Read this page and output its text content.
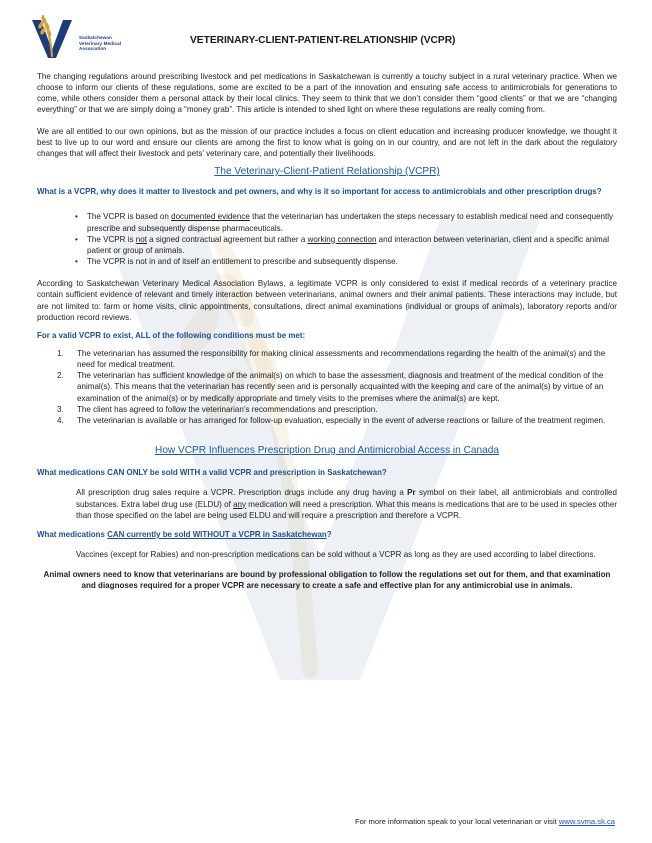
Saskatchewan
Veterinary Medical
Association
VETERINARY-CLIENT-PATIENT-RELATIONSHIP (VCPR)

The changing regulations around prescribing livestock and pet medications in Saskatchewan is currently a touchy subject in a rural veterinary practice. When we choose to inform our clients of these regulations, some are excited to be a part of the innovation and ensuring safe access to antimicrobials for generations to come, while others consider them a personal attack by their local clinics. They seem to think that we don’t consider them “good clients” or that we are “changing everything” or that we are simply doing a “money grab”. This article is intended to shed light on where these regulations are really coming from.

We are all entitled to our own opinions, but as the mission of our practice includes a focus on client education and increasing producer knowledge, we thought it best to live up to our word and ensure our clients are among the first to know what is going on in our country, and are not left in the dark about the regulatory changes that will affect their livestock and pets’ veterinary care, and potentially their livelihoods.

The Veterinary-Client-Patient Relationship (VCPR)

What is a VCPR, why does it matter to livestock and pet owners, and why is it so important for access to antimicrobials and other prescription drugs?

• The VCPR is based on documented evidence that the veterinarian has undertaken the steps necessary to establish medical need and consequently prescribe and subsequently dispense pharmaceuticals.
• The VCPR is not a signed contractual agreement but rather a working connection and interaction between veterinarian, client and a specific animal patient or group of animals.
• The VCPR is not in and of itself an entitlement to prescribe and subsequently dispense.

According to Saskatchewan Veterinary Medical Association Bylaws, a legitimate VCPR is only considered to exist if medical records of a veterinary practice contain sufficient evidence of relevant and timely interaction between veterinarians, animal owners and their animal patients. These interactions may include, but are not limited to: farm or home visits, clinic appointments, consultations, direct animal examinations (individual or groups of animals), laboratory reports and/or production record reviews.

For a valid VCPR to exist, ALL of the following conditions must be met:

1. The veterinarian has assumed the responsibility for making clinical assessments and recommendations regarding the health of the animal(s) and the need for medical treatment.
2. The veterinarian has sufficient knowledge of the animal(s) on which to base the assessment, diagnosis and treatment of the medical condition of the animal(s). This means that the veterinarian has recently seen and is personally acquainted with the keeping and care of the animal(s) by virtue of an examination of the animal(s) or by medically appropriate and timely visits to the premises where the animal(s) are kept.
3. The client has agreed to follow the veterinarian’s recommendations and prescription.
4. The veterinarian is available or has arranged for follow-up evaluation, especially in the event of adverse reactions or failure of the treatment regimen.
How VCPR Influences Prescription Drug and Antimicrobial Access in Canada

What medications CAN ONLY be sold WITH a valid VCPR and prescription in Saskatchewan?

All prescription drug sales require a VCPR. Prescription drugs include any drug having a Pr symbol on their label, all antimicrobials and controlled substances. Extra label drug use (ELDU) of any medication will need a prescription. What this means is medications that are to be used in species other than those specified on the label are being used ELDU and will require a prescription and therefore a VCPR.

What medications CAN currently be sold WITHOUT a VCPR in Saskatchewan?

Vaccines (except for Rabies) and non-prescription medications can be sold without a VCPR as long as they are used according to label directions.

Animal owners need to know that veterinarians are bound by professional obligation to follow the regulations set out for them, and that examination and diagnoses required for a proper VCPR are necessary to create a safe and effective plan for any antimicrobial use in animals.

For more information speak to your local veterinarian or visit www.svma.sk.ca
